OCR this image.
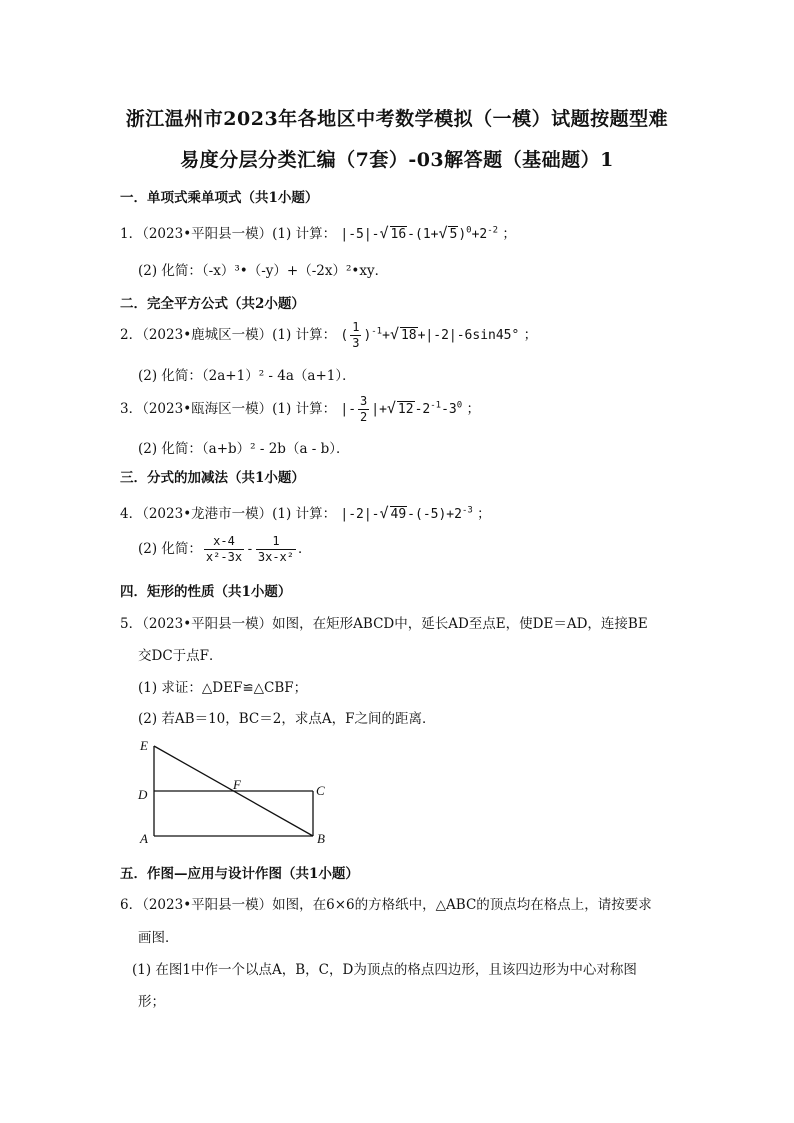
浙江温州市2023年各地区中考数学模拟（一模）试题按题型难
易度分层分类汇编（7套）-03解答题（基础题）1
一．单项式乘单项式（共1小题）
1．（2023•平阳县一模）(1) 计算： |-5|-√ 16-(1+√ $5)^0+2^{-2}$ ；
(2) 化简：（-x）³•（-y）+（-2x）²•xy．
二．完全平方公式（共2小题）
2．（2023•鹿城区一模）(1) 计算： ( $\frac{1}{3} )^{-1}+√$ 18+|-2|-6sin45° ；
(2) 化简：（2a+1）² - 4a（a+1）．
3．（2023•瓯海区一模）(1) 计算： |- $\frac{3}{2}$ |+√ $12-2^{-1}-3^0$ ；
(2) 化简：（a+b）² - 2b（a - b）．
三．分式的加减法（共1小题）
4．（2023•龙港市一模）(1) 计算： |-2|-√ $49-(-5)+2^{-3}$ ；
(2) 化简： $\frac{x-4}{\text{x²-3x}} - \frac{1}{\text{3x-x²}}$ ．
四．矩形的性质（共1小题）
5．（2023•平阳县一模）如图，在矩形ABCD中，延长AD至点E，使DE＝AD，连接BE
交DC于点F．
(1) 求证：△DEF≌△CBF；
(2) 若AB＝10，BC＝2，求点A，F之间的距离．
E
D
A
F	C
B
五．作图—应用与设计作图（共1小题）
6．（2023•平阳县一模）如图，在6×6的方格纸中，△ABC的顶点均在格点上，请按要求
画图．
(1) 在图1中作一个以点A，B，C，D为顶点的格点四边形，且该四边形为中心对称图
形；
